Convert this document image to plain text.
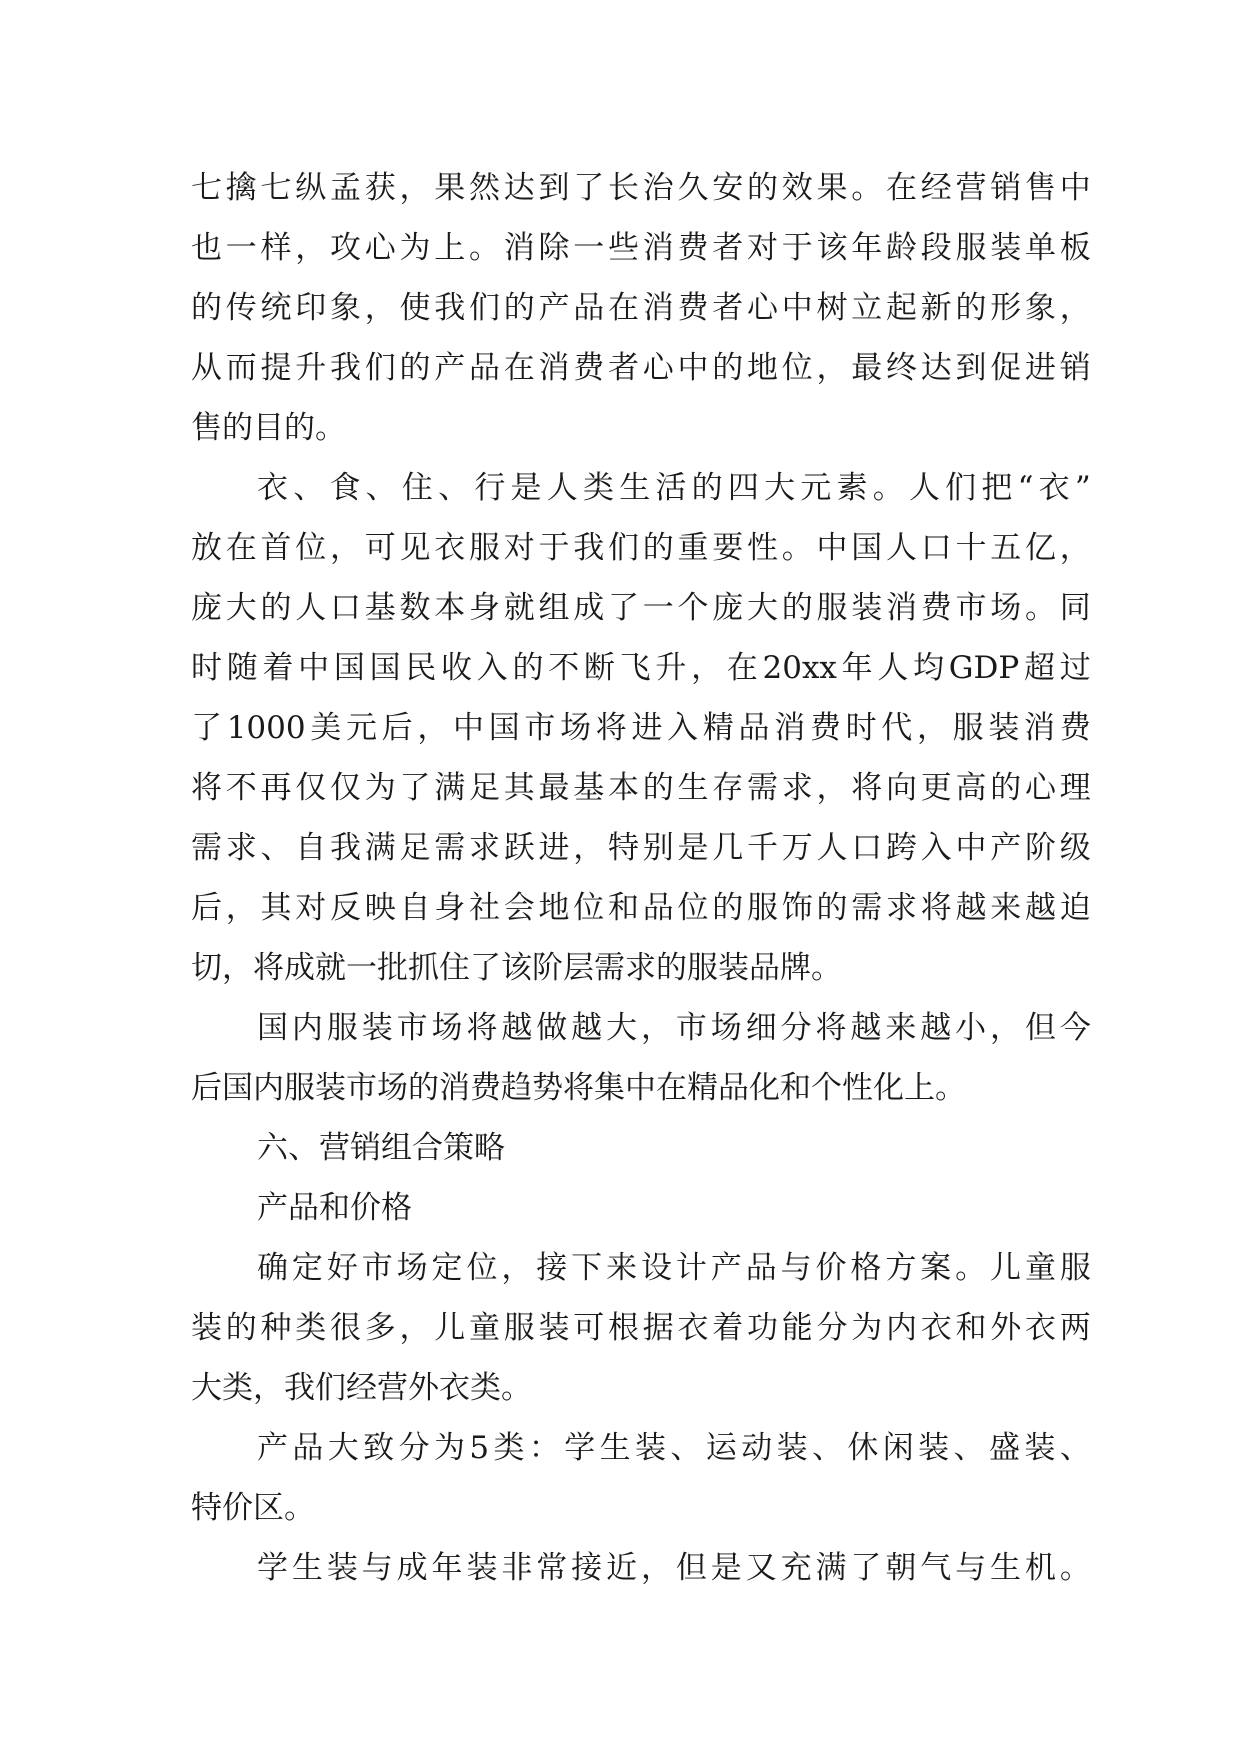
七 擒 七 纵 孟 获 ， 果 然 达 到 了 长 治 久 安 的 效 果 。 在 经 营 销 售 中
也 一 样 ， 攻 心 为 上 。 消 除 一 些 消 费 者 对 于 该 年 龄 段 服 装 单 板
的 传 统 印 象 ， 使 我 们 的 产 品 在 消 费 者 心 中 树 立 起 新 的 形 象 ，
从 而 提 升 我 们 的 产 品 在 消 费 者 心 中 的 地 位 ， 最 终 达 到 促 进 销
售的目的。
衣 、 食 、 住 、 行 是 人 类 生 活 的 四 大 元 素 。 人 们 把 “ 衣 ”
放 在 首 位 ， 可 见 衣 服 对 于 我 们 的 重 要 性 。 中 国 人 口 十 五 亿 ，
庞 大 的 人 口 基 数 本 身 就 组 成 了 一 个 庞 大 的 服 装 消 费 市 场 。 同
时 随 着 中 国 国 民 收 入 的 不 断 飞 升 ， 在 20xx 年 人 均 GDP 超 过
了 1000 美 元 后 ， 中 国 市 场 将 进 入 精 品 消 费 时 代 ， 服 装 消 费
将 不 再 仅 仅 为 了 满 足 其 最 基 本 的 生 存 需 求 ， 将 向 更 高 的 心 理
需 求 、 自 我 满 足 需 求 跃 进 ， 特 别 是 几 千 万 人 口 跨 入 中 产 阶 级
后 ， 其 对 反 映 自 身 社 会 地 位 和 品 位 的 服 饰 的 需 求 将 越 来 越 迫
切，将成就一批抓住了该阶层需求的服装品牌。
国 内 服 装 市 场 将 越 做 越 大 ， 市 场 细 分 将 越 来 越 小 ， 但 今
后国内服装市场的消费趋势将集中在精品化和个性化上。
六、营销组合策略
产品和价格
确 定 好 市 场 定 位 ， 接 下 来 设 计 产 品 与 价 格 方 案 。 儿 童 服
装 的 种 类 很 多 ， 儿 童 服 装 可 根 据 衣 着 功 能 分 为 内 衣 和 外 衣 两
大类，我们经营外衣类。
产 品 大 致 分 为 5 类 ： 学 生 装 、 运 动 装 、 休 闲 装 、 盛 装 、
特价区。
学 生 装 与 成 年 装 非 常 接 近 ， 但 是 又 充 满 了 朝 气 与 生 机 。
